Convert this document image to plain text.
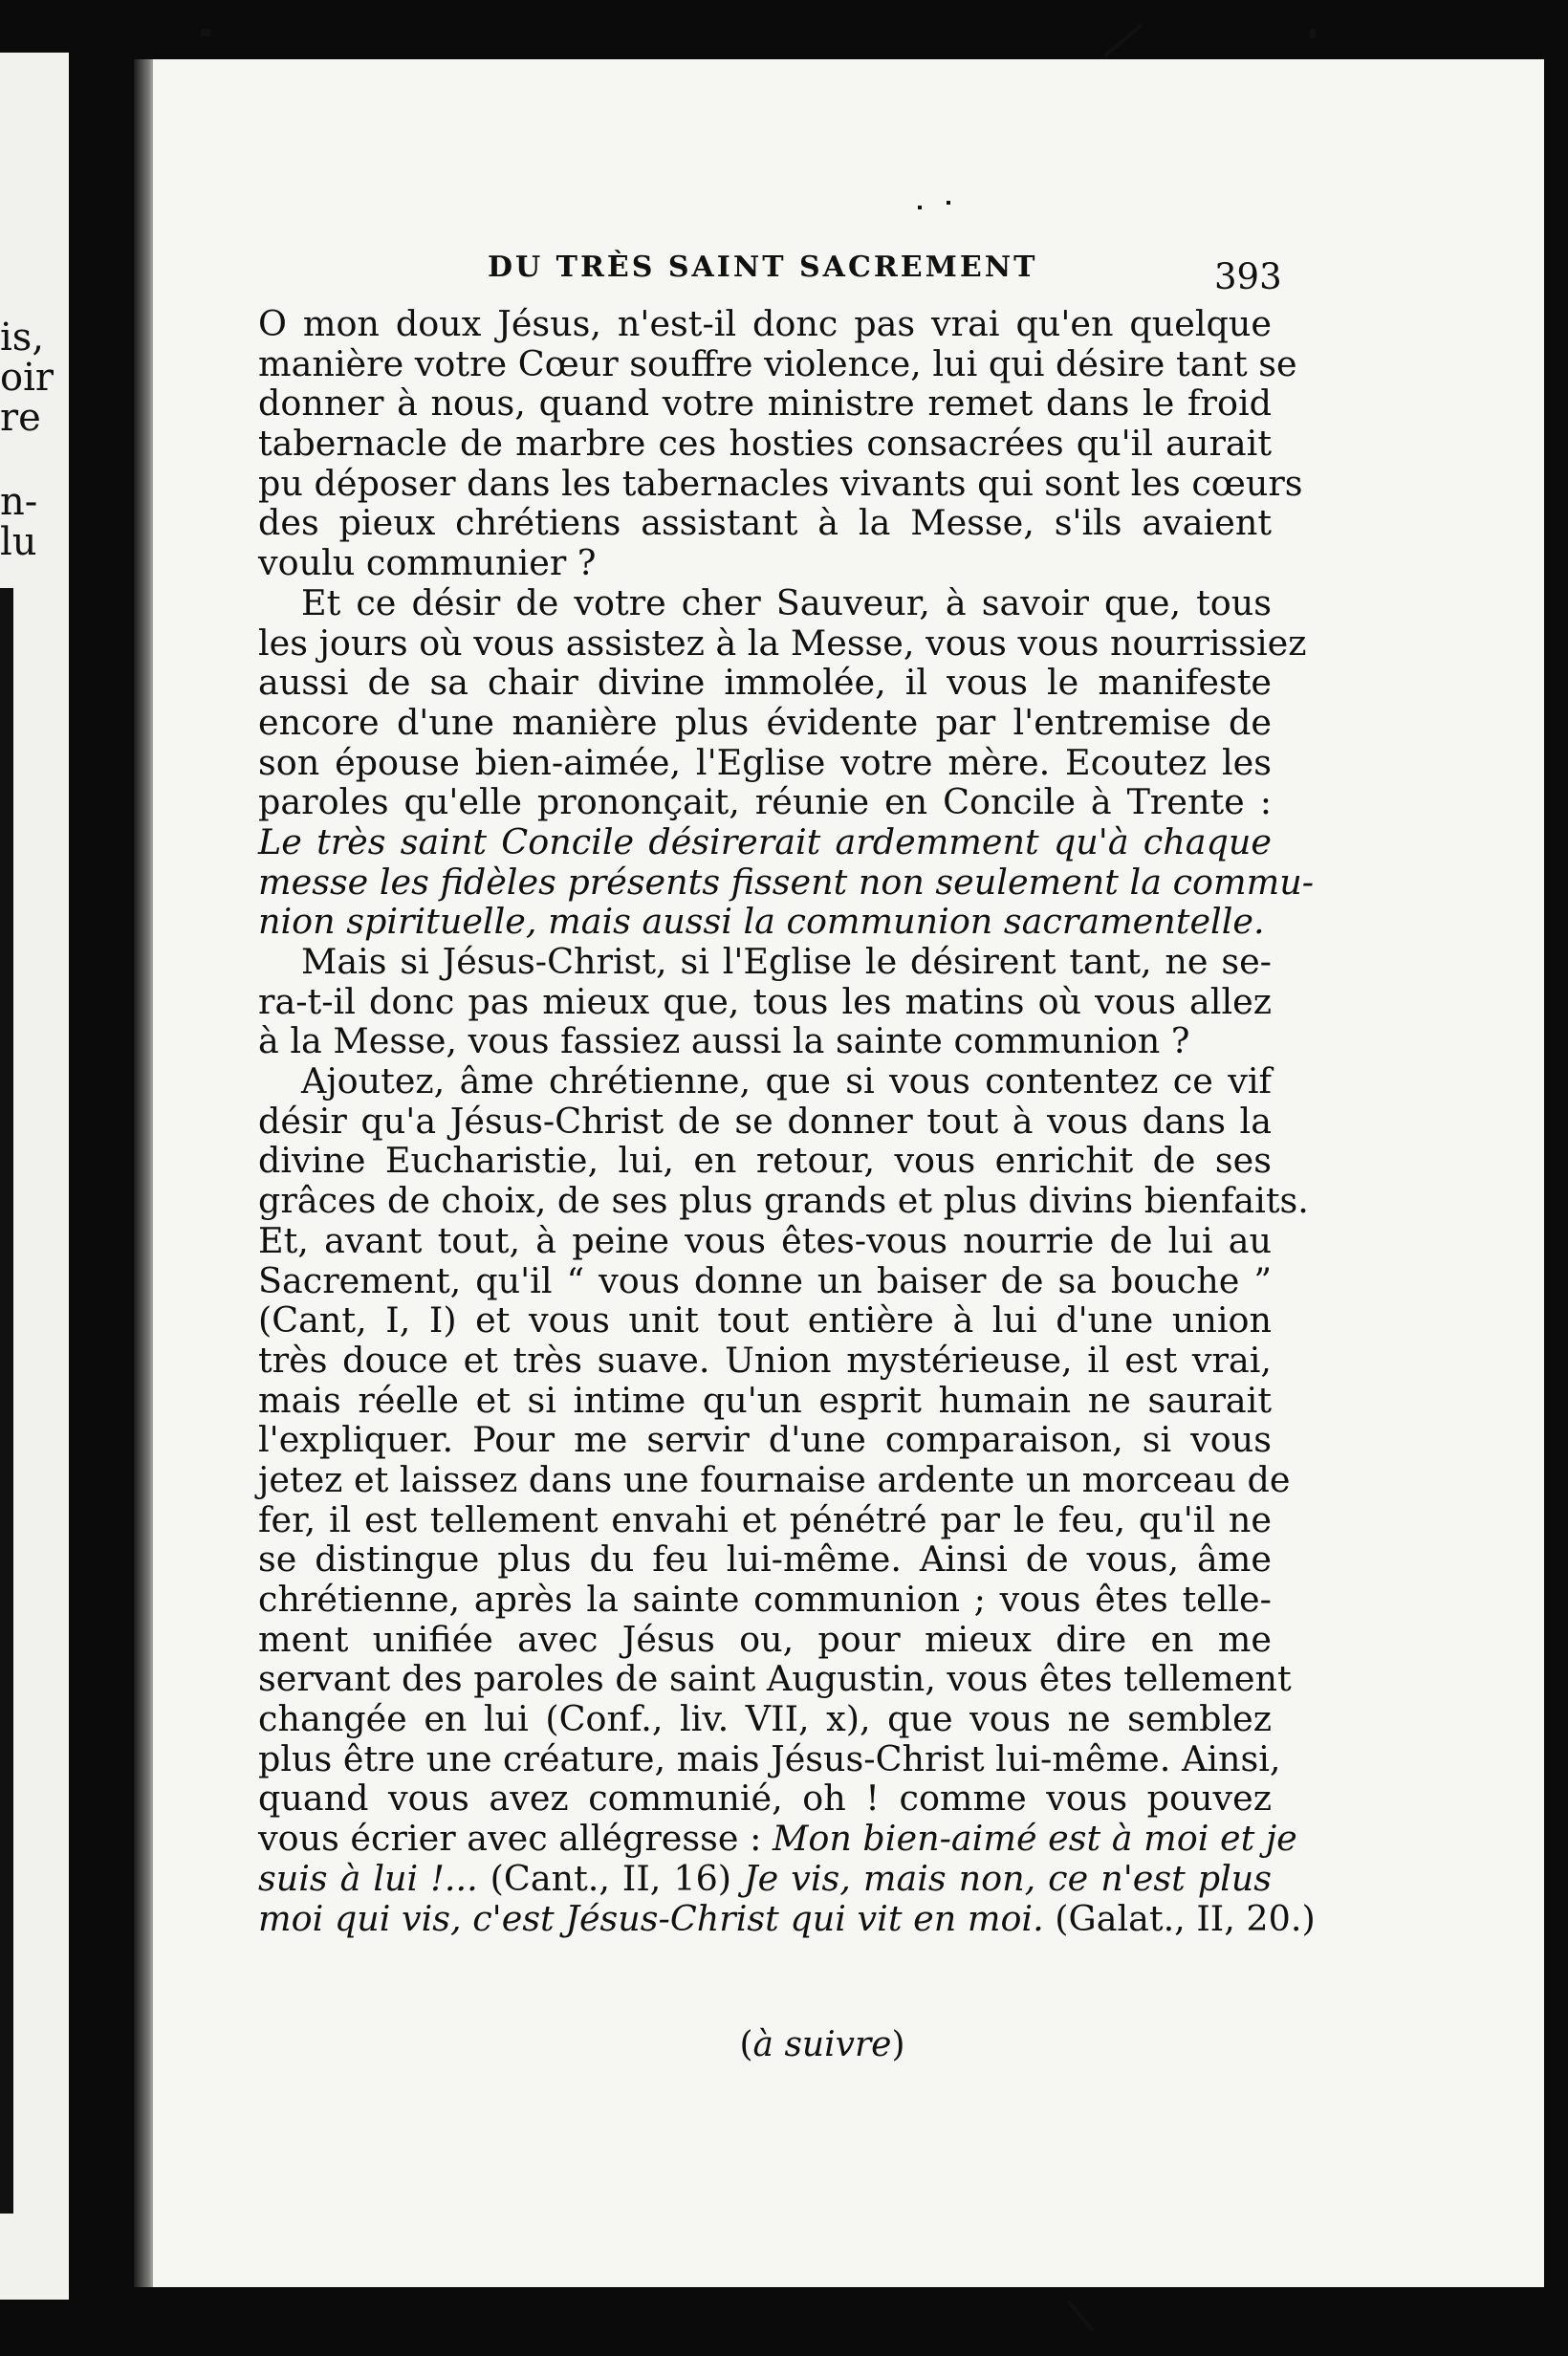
is,
oir
re
n-
lu
DU TRÈS SAINT SACREMENT	393
O mon doux Jésus, n'est-il donc pas vrai qu'en quelque
manière votre Cœur souffre violence, lui qui désire tant se
donner à nous, quand votre ministre remet dans le froid
tabernacle de marbre ces hosties consacrées qu'il aurait
pu déposer dans les tabernacles vivants qui sont les cœurs
des pieux chrétiens assistant à la Messe, s'ils avaient
voulu communier ?
Et ce désir de votre cher Sauveur, à savoir que, tous
les jours où vous assistez à la Messe, vous vous nourrissiez
aussi de sa chair divine immolée, il vous le manifeste
encore d'une manière plus évidente par l'entremise de
son épouse bien-aimée, l'Eglise votre mère. Ecoutez les
paroles qu'elle prononçait, réunie en Concile à Trente :
Le très saint Concile désirerait ardemment qu'à chaque
messe les fidèles présents fissent non seulement la commu-
nion spirituelle, mais aussi la communion sacramentelle.
Mais si Jésus-Christ, si l'Eglise le désirent tant, ne se-
ra-t-il donc pas mieux que, tous les matins où vous allez
à la Messe, vous fassiez aussi la sainte communion ?
Ajoutez, âme chrétienne, que si vous contentez ce vif
désir qu'a Jésus-Christ de se donner tout à vous dans la
divine Eucharistie, lui, en retour, vous enrichit de ses
grâces de choix, de ses plus grands et plus divins bienfaits.
Et, avant tout, à peine vous êtes-vous nourrie de lui au
Sacrement, qu'il “ vous donne un baiser de sa bouche ”
(Cant, I, I) et vous unit tout entière à lui d'une union
très douce et très suave. Union mystérieuse, il est vrai,
mais réelle et si intime qu'un esprit humain ne saurait
l'expliquer. Pour me servir d'une comparaison, si vous
jetez et laissez dans une fournaise ardente un morceau de
fer, il est tellement envahi et pénétré par le feu, qu'il ne
se distingue plus du feu lui-même. Ainsi de vous, âme
chrétienne, après la sainte communion ; vous êtes telle-
ment unifiée avec Jésus ou, pour mieux dire en me
servant des paroles de saint Augustin, vous êtes tellement
changée en lui (Conf., liv. VII, x), que vous ne semblez
plus être une créature, mais Jésus-Christ lui-même. Ainsi,
quand vous avez communié, oh ! comme vous pouvez
vous écrier avec allégresse : Mon bien-aimé est à moi et je
suis à lui !... (Cant., II, 16) Je vis, mais non, ce n'est plus
moi qui vis, c'est Jésus-Christ qui vit en moi. (Galat., II, 20.)
(à suivre)
